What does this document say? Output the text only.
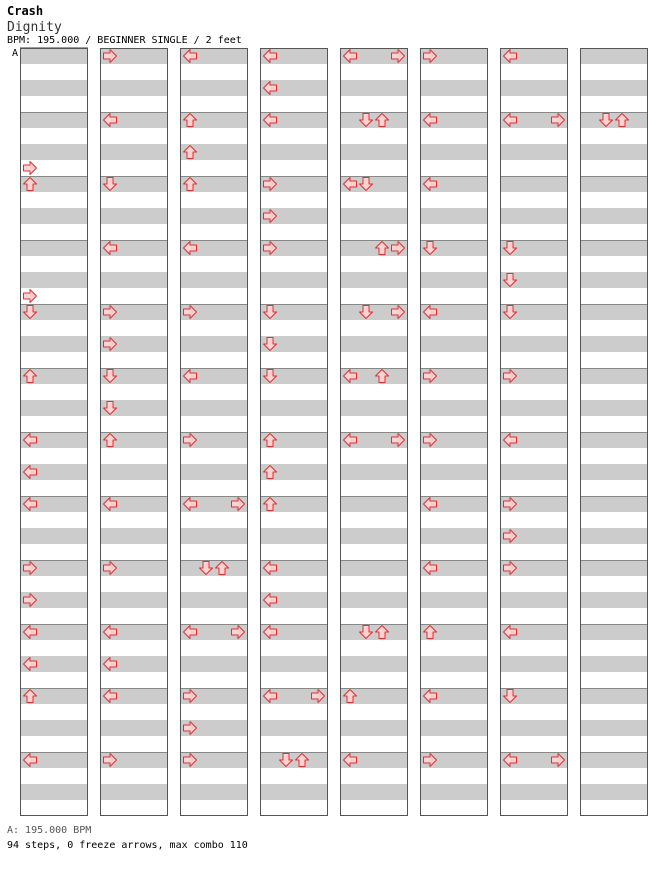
Crash
Dignity
BPM: 195.000 / BEGINNER SINGLE / 2 feet
A
A: 195.000 BPM
94 steps, 0 freeze arrows, max combo 110
